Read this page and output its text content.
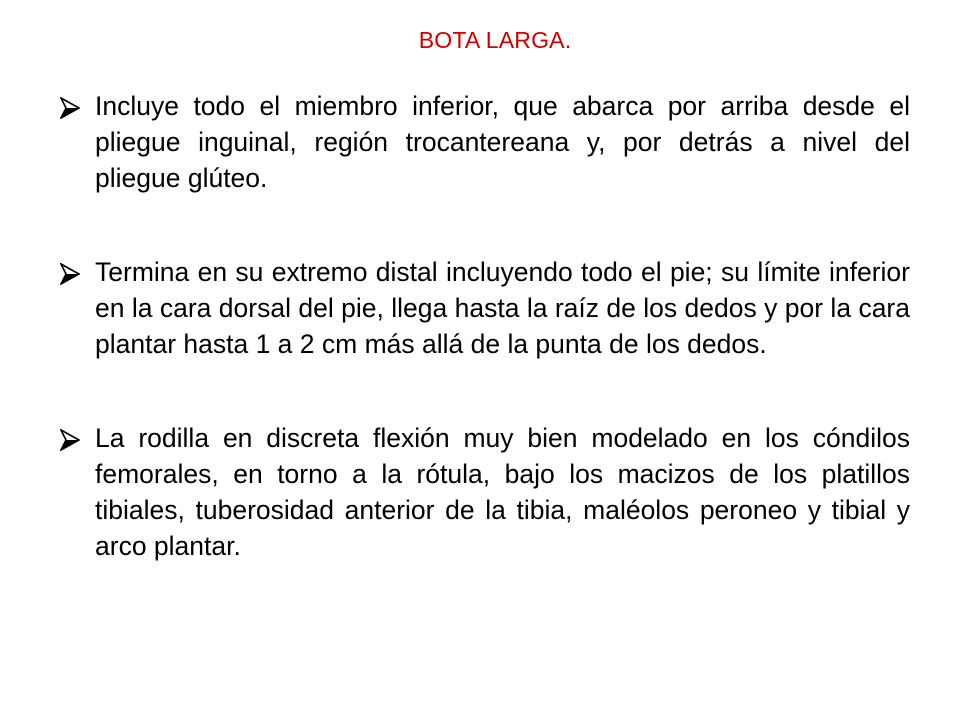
BOTA LARGA.
Incluye todo el miembro inferior, que abarca por arriba desde el pliegue inguinal, región trocantereana y, por detrás a nivel del pliegue glúteo.
Termina en su extremo distal incluyendo todo el pie; su límite inferior en la cara dorsal del pie, llega hasta la raíz de los dedos y por la cara plantar hasta 1 a 2 cm más allá de la punta de los dedos.
La rodilla en discreta flexión muy bien modelado en los cóndilos femorales, en torno a la rótula, bajo los macizos de los platillos tibiales, tuberosidad anterior de la tibia, maléolos peroneo y tibial y arco plantar.
